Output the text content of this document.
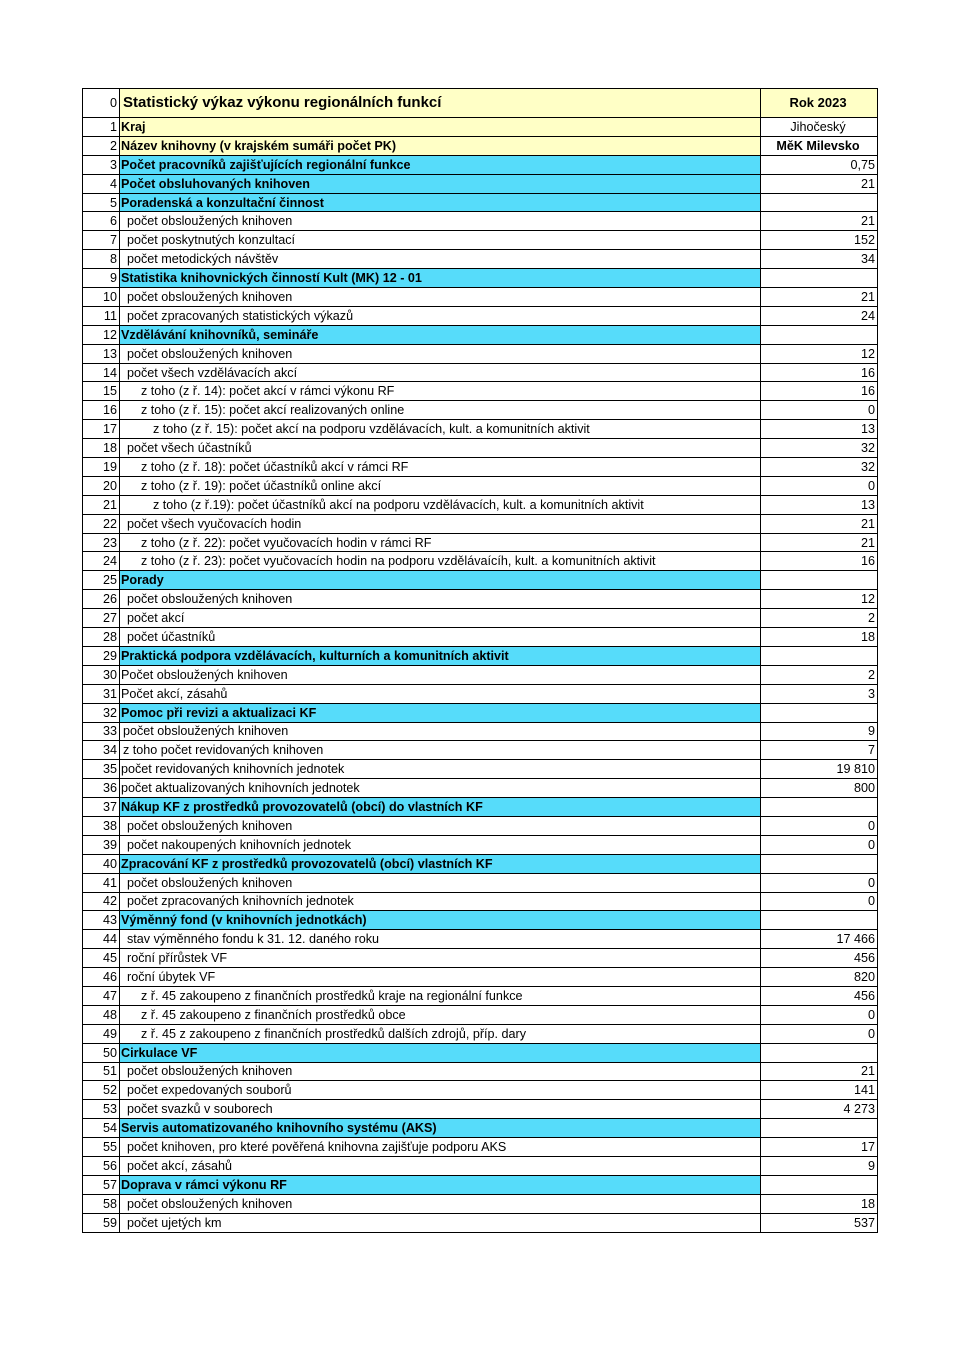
0	Statistický výkaz výkonu regionálních funkcí	Rok 2023
1	Kraj	Jihočeský
2	Název knihovny (v krajském sumáři počet PK)	MěK Milevsko
3	Počet pracovníků zajišťujících regionální funkce	0,75
4	Počet obsluhovaných knihoven	21
5	Poradenská a konzultační činnost	
6	počet obsloužených knihoven	21
7	počet poskytnutých konzultací	152
8	počet metodických návštěv	34
9	Statistika knihovnických činností Kult (MK) 12 - 01	
10	počet obsloužených knihoven	21
11	počet zpracovaných statistických výkazů	24
12	Vzdělávání knihovníků, semináře	
13	počet obsloužených knihoven	12
14	počet všech vzdělávacích akcí	16
15	z toho (z ř. 14): počet akcí v rámci výkonu RF	16
16	z toho (z ř. 15): počet akcí realizovaných online	0
17	z toho (z ř. 15): počet akcí na podporu vzdělávacích, kult. a komunitních aktivit	13
18	počet všech účastníků	32
19	z toho (z ř. 18): počet účastníků akcí v rámci RF	32
20	z toho (z ř. 19): počet účastníků online akcí	0
21	z toho (z ř.19): počet účastníků akcí na podporu vzdělávacích, kult. a komunitních aktivit	13
22	počet všech vyučovacích hodin	21
23	z toho (z ř. 22): počet vyučovacích hodin v rámci RF	21
24	z toho (z ř. 23): počet vyučovacích hodin na podporu vzdělávaícíh, kult. a komunitních aktivit	16
25	Porady	
26	počet obsloužených knihoven	12
27	počet akcí	2
28	počet účastníků	18
29	Praktická podpora vzdělávacích, kulturních a komunitních aktivit	
30	Počet obsloužených knihoven	2
31	Počet akcí, zásahů	3
32	Pomoc při revizi a aktualizaci KF	
33	počet obsloužených knihoven	9
34	z toho počet revidovaných knihoven	7
35	počet revidovaných knihovních jednotek	19 810
36	počet aktualizovaných knihovních jednotek	800
37	Nákup KF z prostředků provozovatelů (obcí) do vlastních KF	
38	počet obsloužených knihoven	0
39	počet nakoupených knihovních jednotek	0
40	Zpracování KF z prostředků provozovatelů (obcí) vlastních KF	
41	počet obsloužených knihoven	0
42	počet zpracovaných knihovních jednotek	0
43	Výměnný fond (v knihovních jednotkách)	
44	stav výměnného fondu k 31. 12. daného roku	17 466
45	roční přírůstek VF	456
46	roční úbytek VF	820
47	z ř. 45 zakoupeno z finančních prostředků kraje na regionální funkce	456
48	z ř. 45 zakoupeno z finančních prostředků obce	0
49	z ř. 45 z zakoupeno z finančních prostředků dalších zdrojů, příp. dary	0
50	Cirkulace VF	
51	počet obsloužených knihoven	21
52	počet expedovaných souborů	141
53	počet svazků v souborech	4 273
54	Servis automatizovaného knihovního systému (AKS)	
55	počet knihoven, pro které pověřená knihovna zajišťuje podporu AKS	17
56	počet akcí, zásahů	9
57	Doprava v rámci výkonu RF	
58	počet obsloužených knihoven	18
59	počet ujetých km	537
